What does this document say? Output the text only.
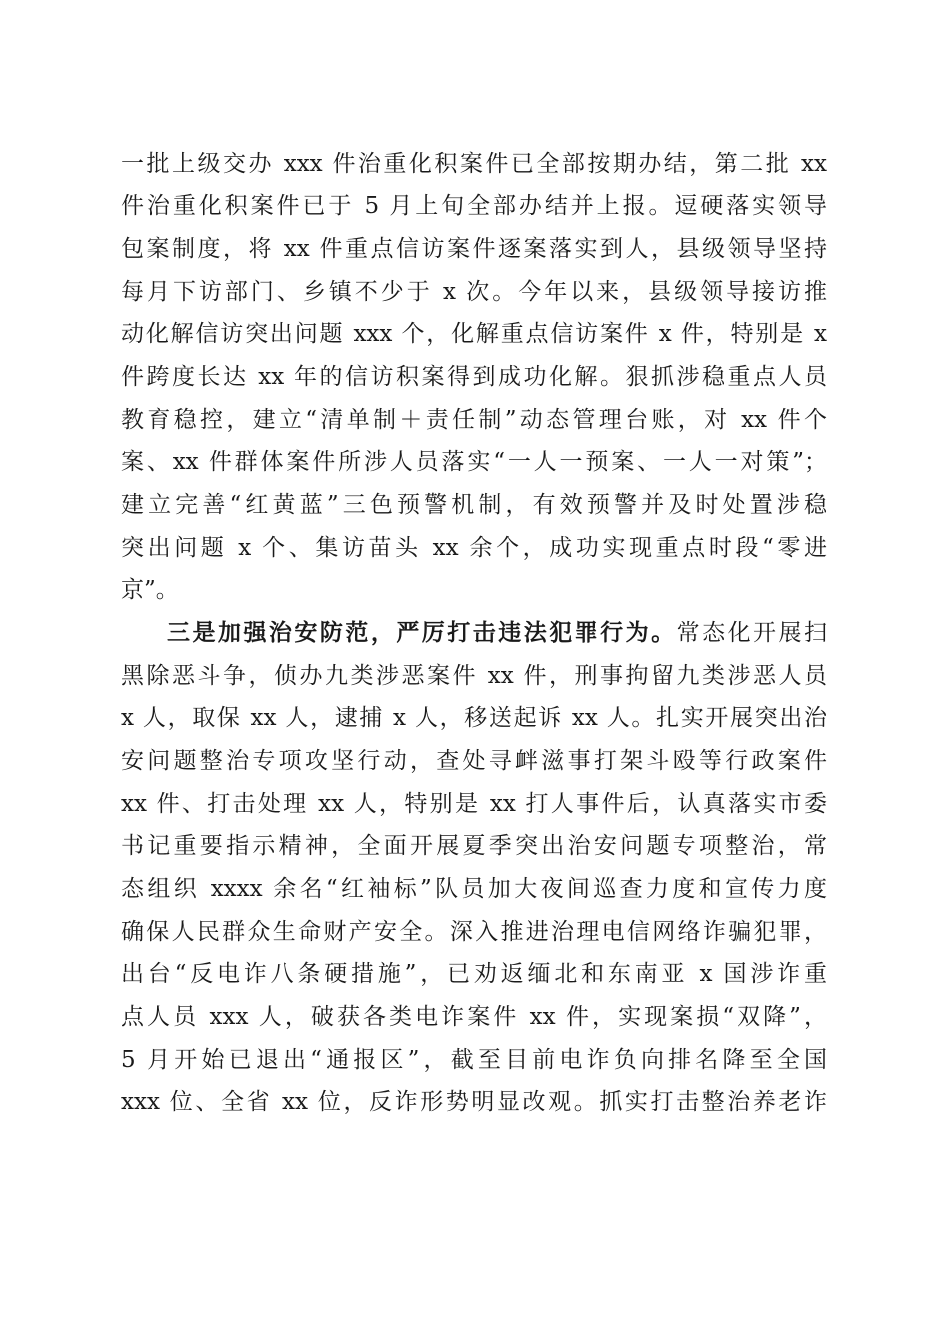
一批上级交办 xxx 件治重化积案件已全部按期办结，第二批 xx
件治重化积案件已于 5 月上旬全部办结并上报。逗硬落实领导
包案制度，将 xx 件重点信访案件逐案落实到人，县级领导坚持
每月下访部门、乡镇不少于 x 次。今年以来，县级领导接访推
动化解信访突出问题 xxx 个，化解重点信访案件 x 件，特别是 x
件跨度长达 xx 年的信访积案得到成功化解。狠抓涉稳重点人员
教育稳控，建立“清单制＋责任制”动态管理台账，对 xx 件个
案、xx 件群体案件所涉人员落实“一人一预案、一人一对策”；
建立完善“红黄蓝”三色预警机制，有效预警并及时处置涉稳
突出问题 x 个、集访苗头 xx 余个，成功实现重点时段“零进
京”。
三是加强治安防范，严厉打击违法犯罪行为。常态化开展扫
黑除恶斗争，侦办九类涉恶案件 xx 件，刑事拘留九类涉恶人员
x 人，取保 xx 人，逮捕 x 人，移送起诉 xx 人。扎实开展突出治
安问题整治专项攻坚行动，查处寻衅滋事打架斗殴等行政案件
xx 件、打击处理 xx 人，特别是 xx 打人事件后，认真落实市委
书记重要指示精神，全面开展夏季突出治安问题专项整治，常
态组织 xxxx 余名“红袖标”队员加大夜间巡查力度和宣传力度
确保人民群众生命财产安全。深入推进治理电信网络诈骗犯罪，
出台“反电诈八条硬措施”，已劝返缅北和东南亚 x 国涉诈重
点人员 xxx 人，破获各类电诈案件 xx 件，实现案损“双降”，
5 月开始已退出“通报区”，截至目前电诈负向排名降至全国
xxx 位、全省 xx 位，反诈形势明显改观。抓实打击整治养老诈
